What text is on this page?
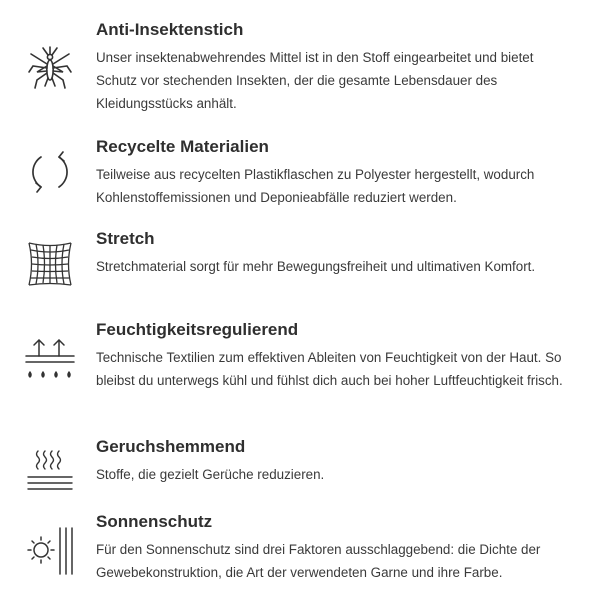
Anti-Insektenstich

Unser insektenabwehrendes Mittel ist in den Stoff eingearbeitet und bietet Schutz vor stechenden Insekten, der die gesamte Lebensdauer des Kleidungsstücks anhält.

Recycelte Materialien

Teilweise aus recycelten Plastikflaschen zu Polyester hergestellt, wodurch Kohlenstoffemissionen und Deponieabfälle reduziert werden.

Stretch

Stretchmaterial sorgt für mehr Bewegungsfreiheit und ultimativen Komfort.

Feuchtigkeitsregulierend

Technische Textilien zum effektiven Ableiten von Feuchtigkeit von der Haut. So bleibst du unterwegs kühl und fühlst dich auch bei hoher Luftfeuchtigkeit frisch.

Geruchshemmend

Stoffe, die gezielt Gerüche reduzieren.

Sonnenschutz

Für den Sonnenschutz sind drei Faktoren ausschlaggebend: die Dichte der Gewebekonstruktion, die Art der verwendeten Garne und ihre Farbe.
